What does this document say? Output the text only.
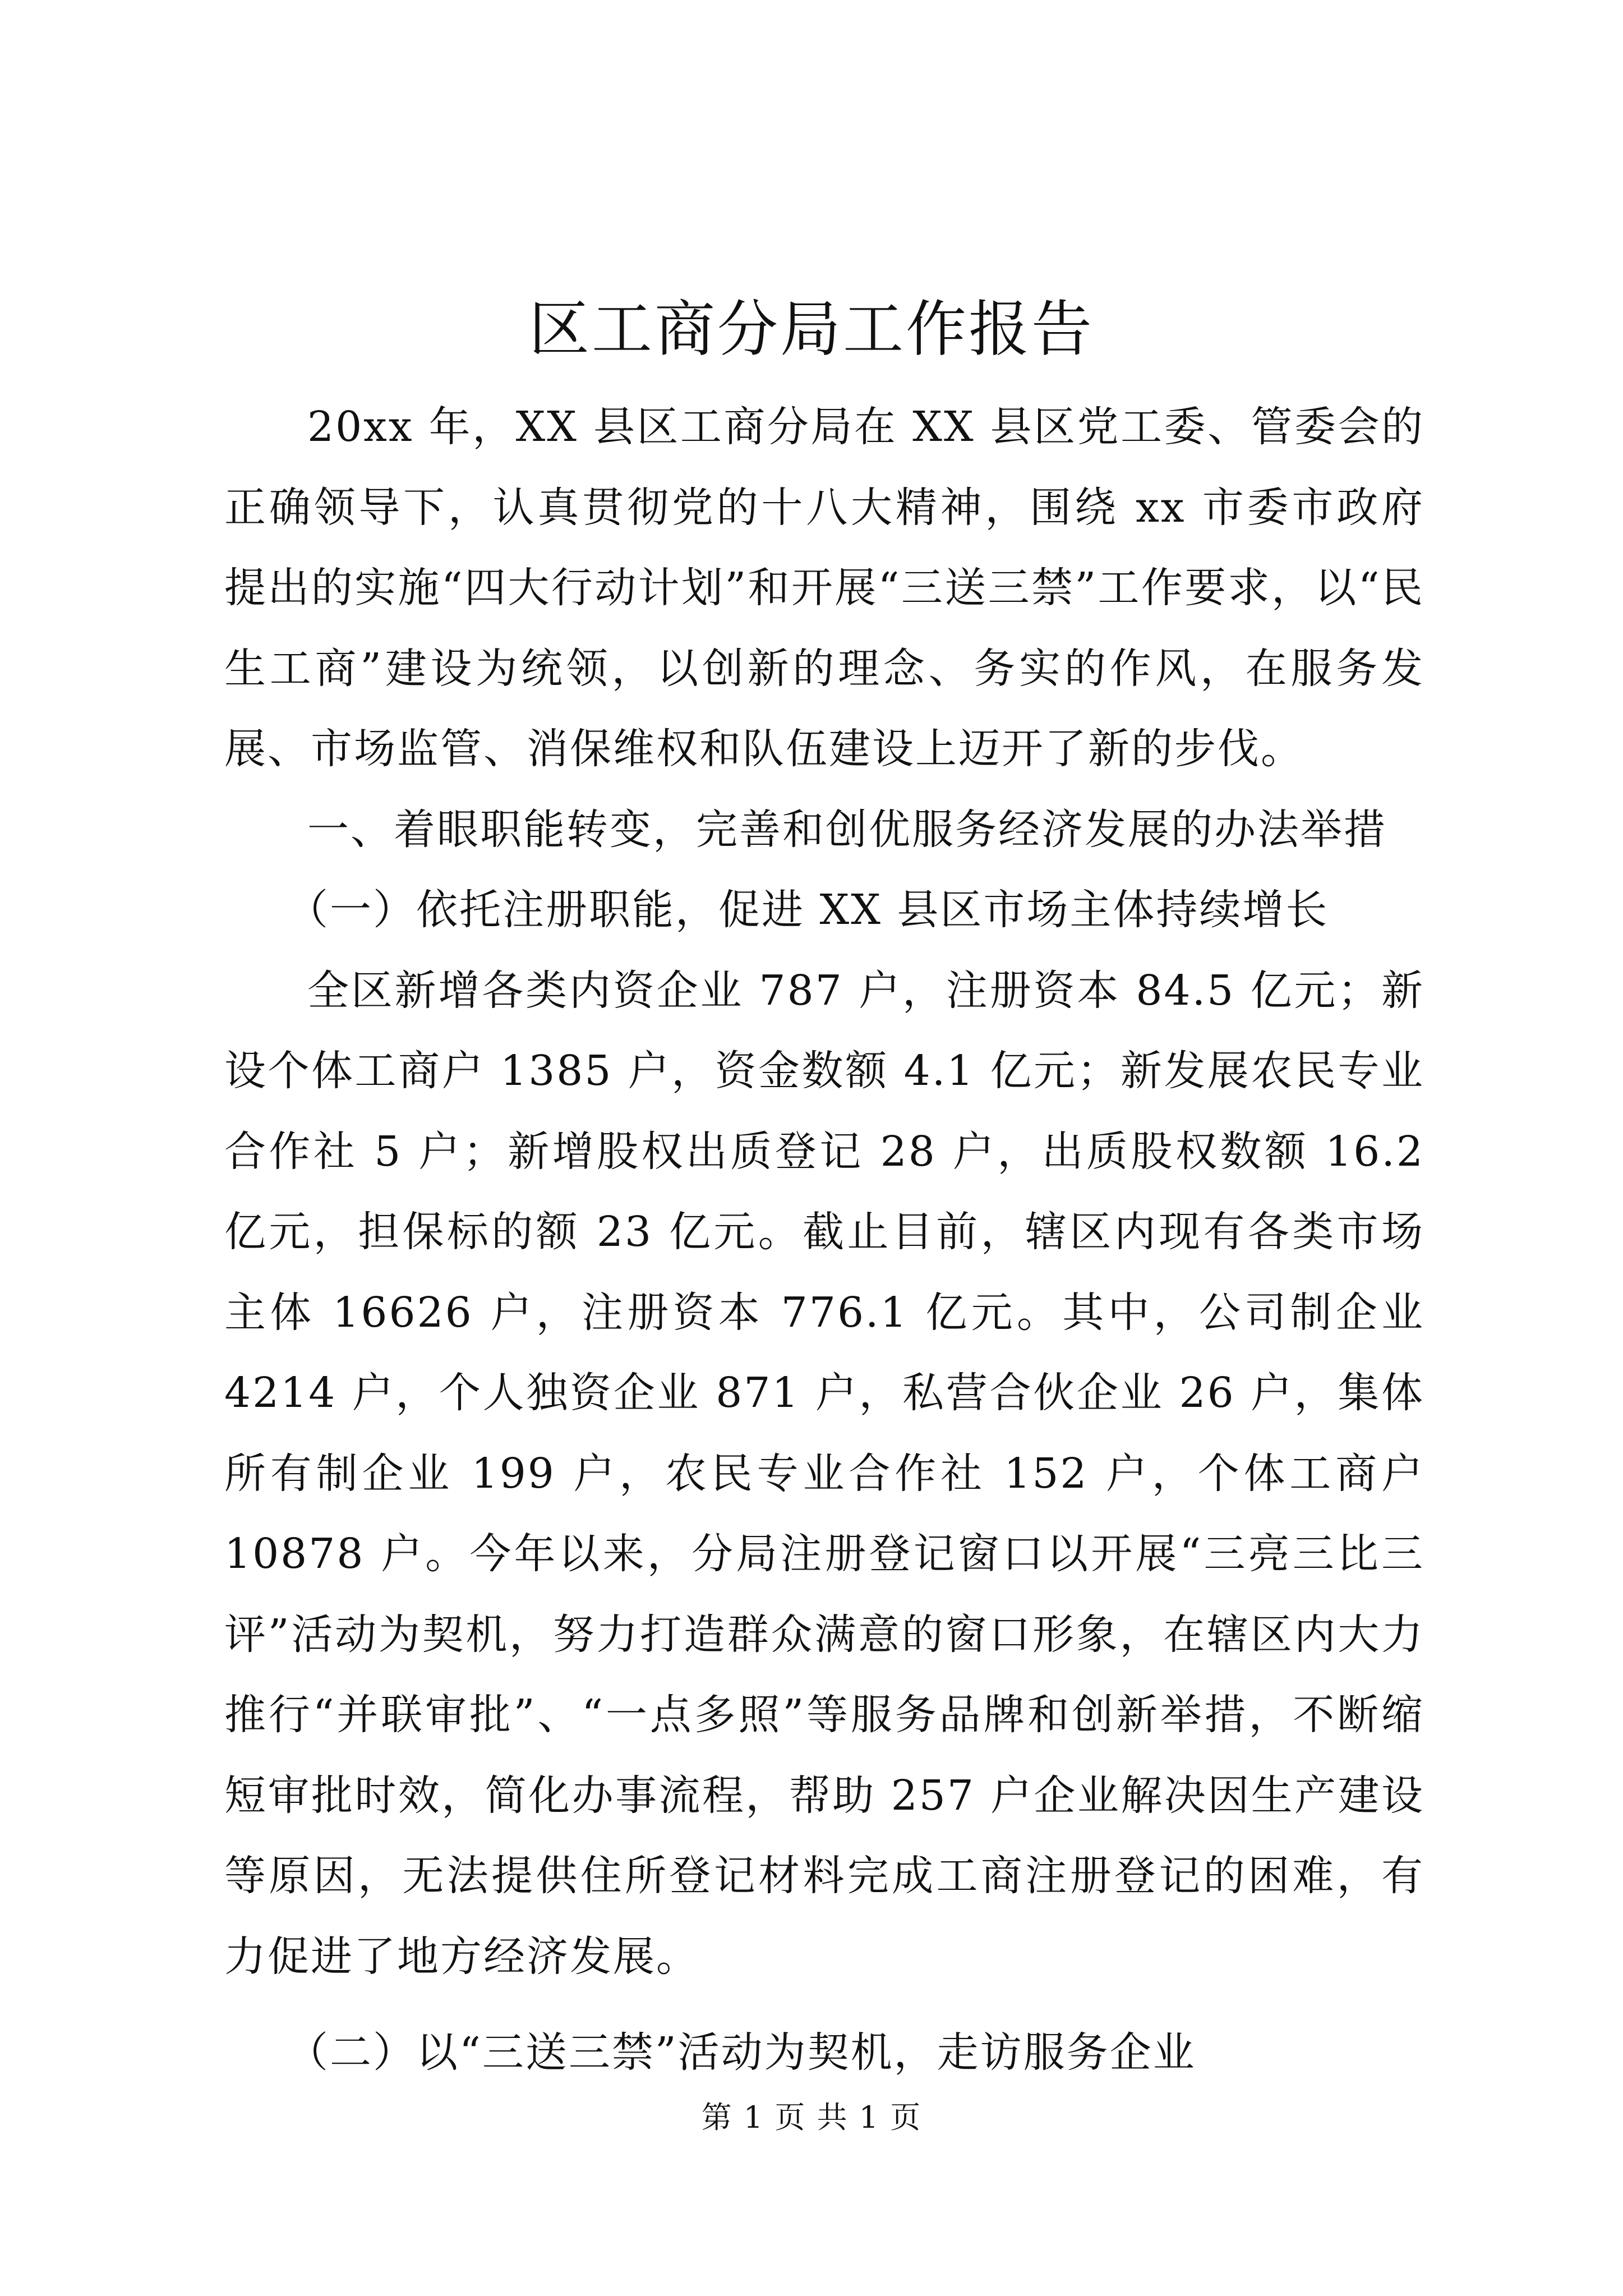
区工商分局工作报告

20xx 年，XX 县区工商分局在 XX 县区党工委、管委会的正确领导下，认真贯彻党的十八大精神，围绕 xx 市委市政府提出的实施“四大行动计划”和开展“三送三禁”工作要求，以“民生工商”建设为统领，以创新的理念、务实的作风，在服务发展、市场监管、消保维权和队伍建设上迈开了新的步伐。

一、着眼职能转变，完善和创优服务经济发展的办法举措

（一）依托注册职能，促进 XX 县区市场主体持续增长

全区新增各类内资企业 787 户，注册资本 84.5 亿元；新设个体工商户 1385 户，资金数额 4.1 亿元；新发展农民专业合作社 5 户；新增股权出质登记 28 户，出质股权数额 16.2 亿元，担保标的额 23 亿元。截止目前，辖区内现有各类市场主体 16626 户，注册资本 776.1 亿元。其中，公司制企业 4214 户，个人独资企业 871 户，私营合伙企业 26 户，集体所有制企业 199 户，农民专业合作社 152 户，个体工商户 10878 户。今年以来，分局注册登记窗口以开展“三亮三比三评”活动为契机，努力打造群众满意的窗口形象，在辖区内大力推行“并联审批”、“一点多照”等服务品牌和创新举措，不断缩短审批时效，简化办事流程，帮助 257 户企业解决因生产建设等原因，无法提供住所登记材料完成工商注册登记的困难，有力促进了地方经济发展。

（二）以“三送三禁”活动为契机，走访服务企业

第 1 页 共 1 页
